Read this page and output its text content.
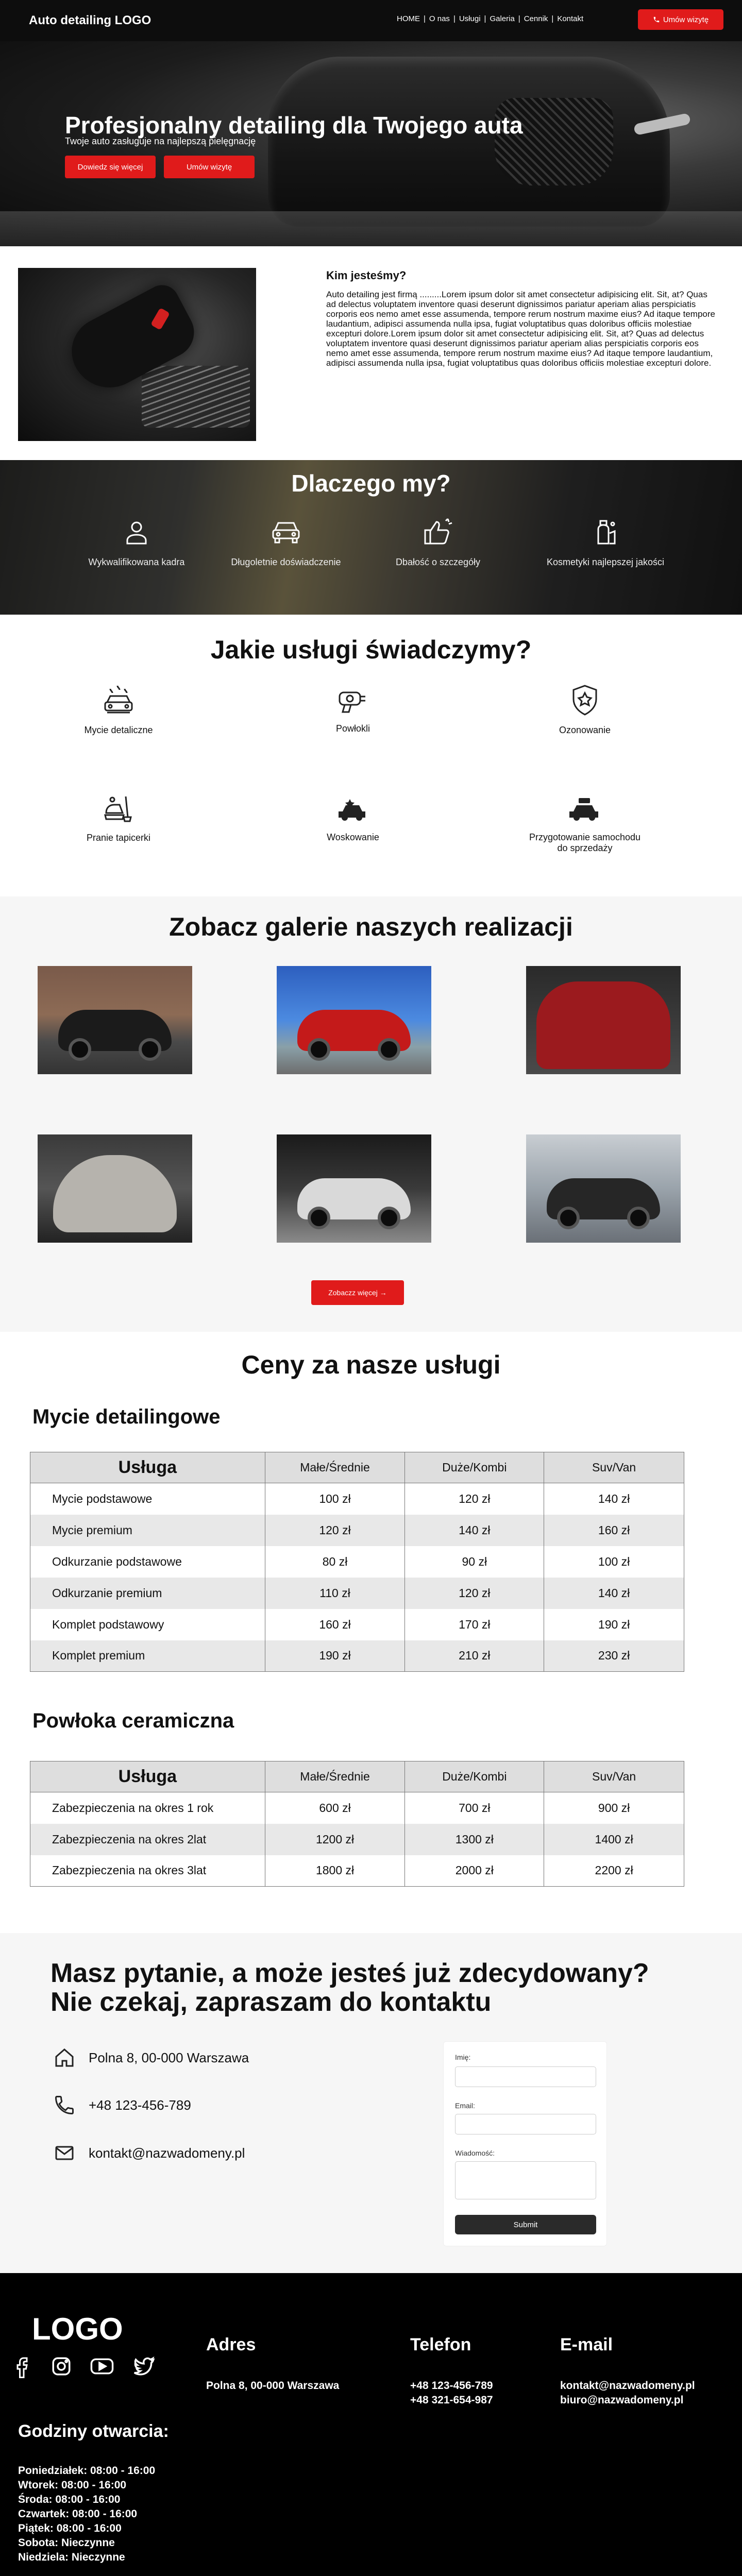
Auto detailing LOGO	HOME | O nas | Usługi | Galeria | Cennik | Kontakt	Umów wizytę
Profesjonalny detailing dla Twojego auta
Twoje auto zasługuje na najlepszą pielęgnację
Dowiedz się więcej	Umów wizytę
Kim jesteśmy?

Auto detailing jest firmą .........Lorem ipsum dolor sit amet consectetur adipisicing elit. Sit, at? Quas ad delectus voluptatem inventore quasi deserunt dignissimos pariatur aperiam alias perspiciatis corporis eos nemo amet esse assumenda, tempore rerum nostrum maxime eius? Ad itaque tempore laudantium, adipisci assumenda nulla ipsa, fugiat voluptatibus quas doloribus officiis molestiae excepturi dolore.Lorem ipsum dolor sit amet consectetur adipisicing elit. Sit, at? Quas ad delectus voluptatem inventore quasi deserunt dignissimos pariatur aperiam alias perspiciatis corporis eos nemo amet esse assumenda, tempore rerum nostrum maxime eius? Ad itaque tempore laudantium, adipisci assumenda nulla ipsa, fugiat voluptatibus quas doloribus officiis molestiae excepturi dolore.

Dlaczego my?
Wykwalifikowana kadra	Długoletnie doświadczenie	Dbałość o szczegóły	Kosmetyki najlepszej jakości
Jakie usługi świadczymy?
Mycie detaliczne	Powłokli	Ozonowanie
Pranie tapicerki	Woskowanie	Przygotowanie samochodu do sprzedaży
Zobacz galerie naszych realizacji
Zobaczz więcej →
Ceny za nasze usługi
Mycie detailingowe
Usługa	Małe/Średnie	Duże/Kombi	Suv/Van
Mycie podstawowe	100 zł	120 zł	140 zł
Mycie premium	120 zł	140 zł	160 zł
Odkurzanie podstawowe	80 zł	90 zł	100 zł
Odkurzanie premium	110 zł	120 zł	140 zł
Komplet podstawowy	160 zł	170 zł	190 zł
Komplet premium	190 zł	210 zł	230 zł
Powłoka ceramiczna
Usługa	Małe/Średnie	Duże/Kombi	Suv/Van
Zabezpieczenia na okres 1 rok	600 zł	700 zł	900 zł
Zabezpieczenia na okres 2lat	1200 zł	1300 zł	1400 zł
Zabezpieczenia na okres 3lat	1800 zł	2000 zł	2200 zł
Masz pytanie, a może jesteś już zdecydowany? Nie czekaj, zapraszam do kontaktu
Polna 8, 00-000 Warszawa
+48 123-456-789
kontakt@nazwadomeny.pl
Imię:
Email:
Wiadomość:
Submit
LOGO	Adres
Polna 8, 00-000 Warszawa
Telefon
+48 123-456-789
+48 321-654-987
E-mail
kontakt@nazwadomeny.pl
biuro@nazwadomeny.pl
Godziny otwarcia:
Poniedziałek: 08:00 - 16:00
Wtorek: 08:00 - 16:00
Środa: 08:00 - 16:00
Czwartek: 08:00 - 16:00
Piątek: 08:00 - 16:00
Sobota: Nieczynne
Niedziela: Nieczynne
